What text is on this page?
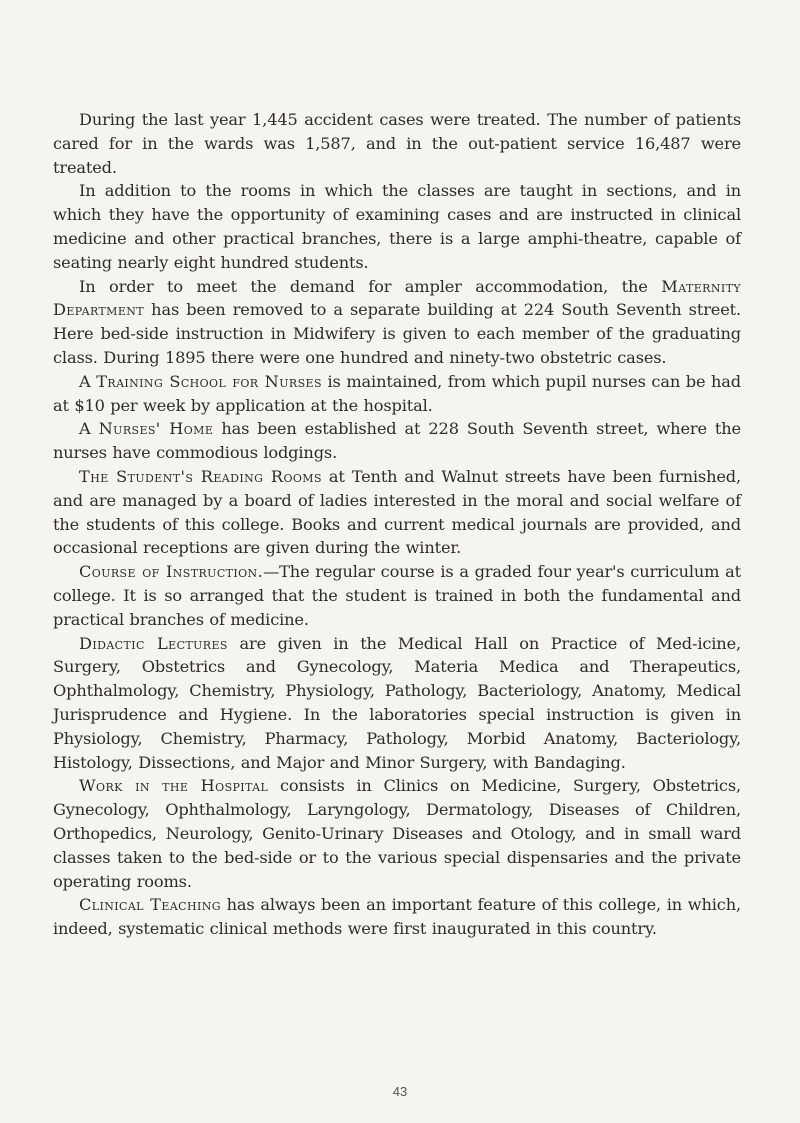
During the last year 1,445 accident cases were treated. The number of patients cared for in the wards was 1,587, and in the out-patient service 16,487 were treated.

In addition to the rooms in which the classes are taught in sections, and in which they have the opportunity of examining cases and are instructed in clinical medicine and other practical branches, there is a large amphi-theatre, capable of seating nearly eight hundred students.

In order to meet the demand for ampler accommodation, the Maternity Department has been removed to a separate building at 224 South Seventh street. Here bed-side instruction in Midwifery is given to each member of the graduating class. During 1895 there were one hundred and ninety-two obstetric cases.

A Training School for Nurses is maintained, from which pupil nurses can be had at $10 per week by application at the hospital.

A Nurses' Home has been established at 228 South Seventh street, where the nurses have commodious lodgings.

The Student's Reading Rooms at Tenth and Walnut streets have been furnished, and are managed by a board of ladies interested in the moral and social welfare of the students of this college. Books and current medical journals are provided, and occasional receptions are given during the winter.

Course of Instruction.—The regular course is a graded four year's curriculum at college. It is so arranged that the student is trained in both the fundamental and practical branches of medicine.

Didactic Lectures are given in the Medical Hall on Practice of Med-icine, Surgery, Obstetrics and Gynecology, Materia Medica and Therapeutics, Ophthalmology, Chemistry, Physiology, Pathology, Bacteriology, Anatomy, Medical Jurisprudence and Hygiene. In the laboratories special instruction is given in Physiology, Chemistry, Pharmacy, Pathology, Morbid Anatomy, Bacteriology, Histology, Dissections, and Major and Minor Surgery, with Bandaging.

Work in the Hospital consists in Clinics on Medicine, Surgery, Obstetrics, Gynecology, Ophthalmology, Laryngology, Dermatology, Diseases of Children, Orthopedics, Neurology, Genito-Urinary Diseases and Otology, and in small ward classes taken to the bed-side or to the various special dispensaries and the private operating rooms.

Clinical Teaching has always been an important feature of this college, in which, indeed, systematic clinical methods were first inaugurated in this country.

43
